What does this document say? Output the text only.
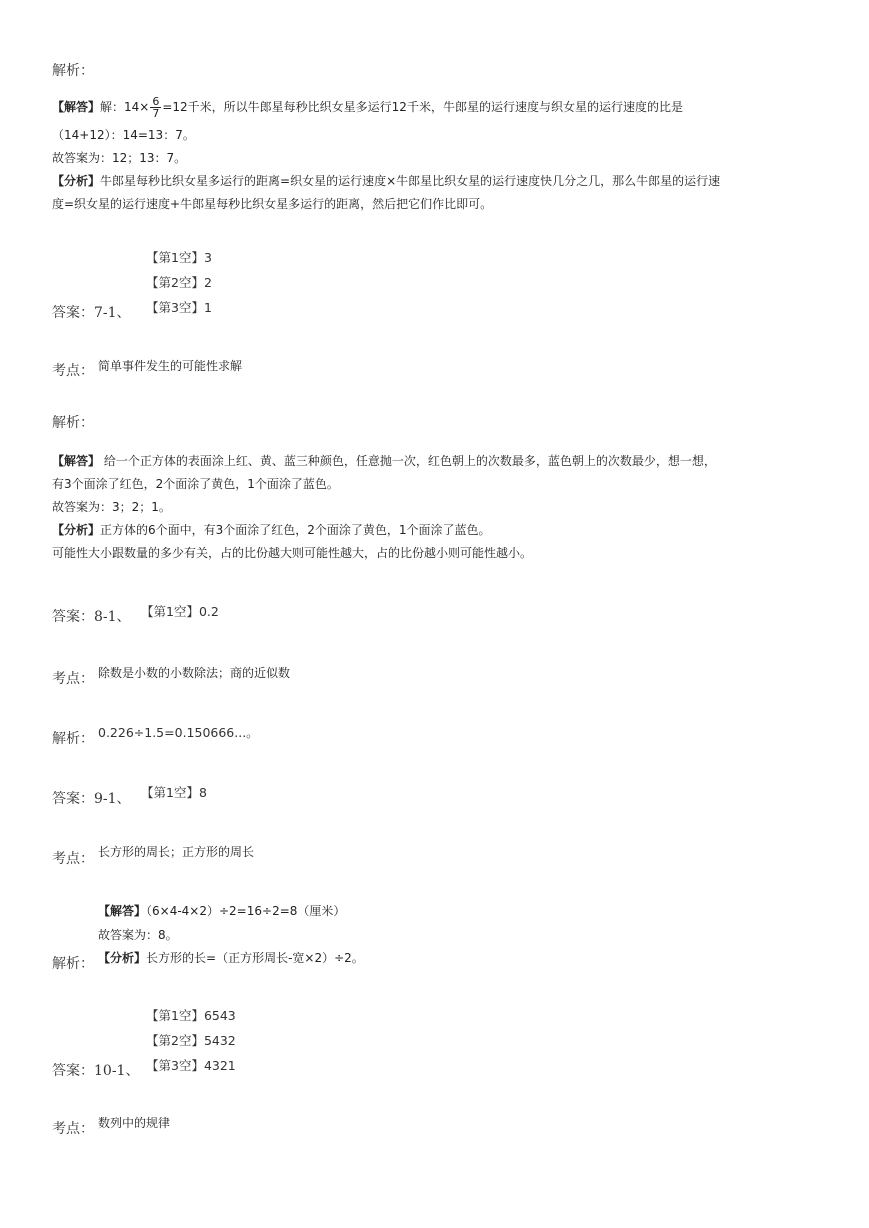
解析：
【解答】解：$14\times \frac{6}{7} =12$千米，所以牛郎星每秒比织女星多运行12千米，牛郎星的运行速度与织女星的运行速度的比是
（14+12）：14=13：7。
故答案为：12；13：7。
【分析】牛郎星每秒比织女星多运行的距离=织女星的运行速度×牛郎星比织女星的运行速度快几分之几，那么牛郎星的运行速
度=织女星的运行速度+牛郎星每秒比织女星多运行的距离，然后把它们作比即可。
【第1空】3
【第2空】2
【第3空】1
答案：7-1、
考点： 简单事件发生的可能性求解
解析：
【解答】 给一个正方体的表面涂上红、黄、蓝三种颜色，任意抛一次，红色朝上的次数最多，蓝色朝上的次数最少，想一想，
有3个面涂了红色，2个面涂了黄色，1个面涂了蓝色。
故答案为：3；2；1。
【分析】正方体的6个面中，有3个面涂了红色，2个面涂了黄色，1个面涂了蓝色。
可能性大小跟数量的多少有关，占的比份越大则可能性越大，占的比份越小则可能性越小。
答案：8-1、 【第1空】0.2
考点： 除数是小数的小数除法；商的近似数
解析： 0.226÷1.5=0.150666...。
答案：9-1、 【第1空】8
考点： 长方形的周长；正方形的周长
【解答】（6×4-4×2）÷2=16÷2=8（厘米）
故答案为：8。
【分析】长方形的长=（正方形周长-宽×2）÷2。
解析：
【第1空】6543
【第2空】5432
【第3空】4321
答案：10-1、
考点： 数列中的规律
